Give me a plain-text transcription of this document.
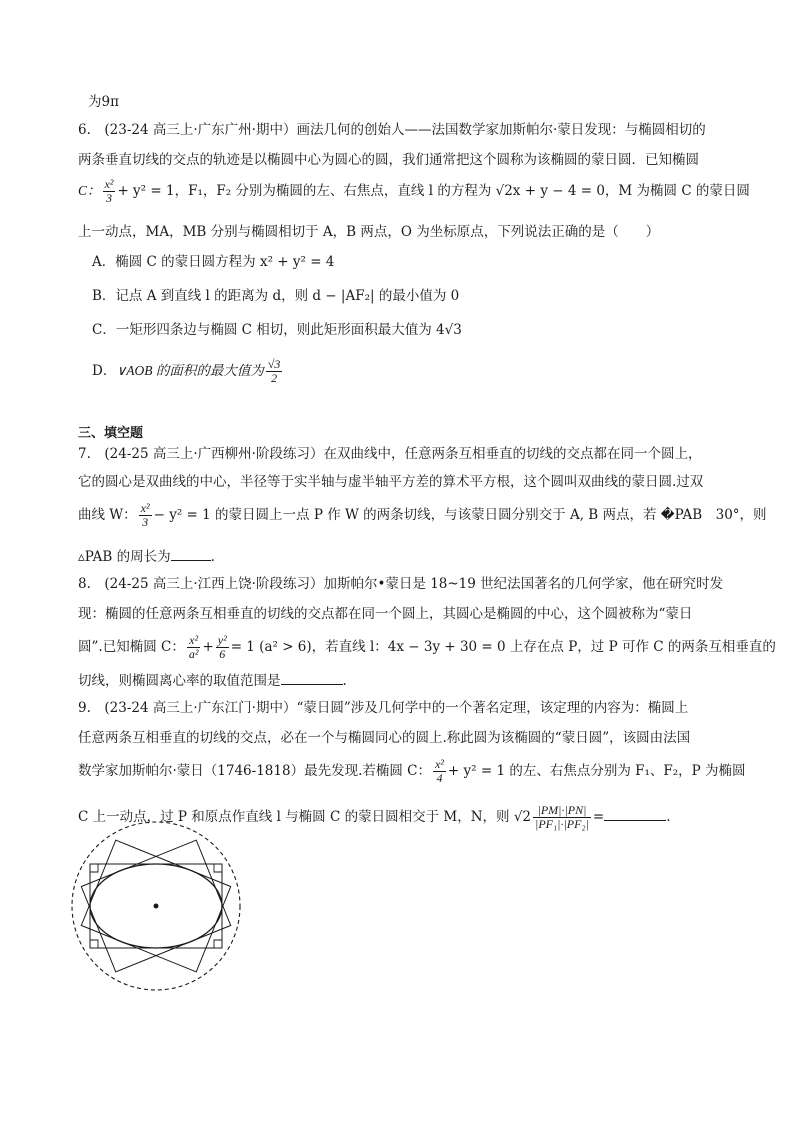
为9π
6.　(23-24 高三上·广东广州·期中）画法几何的创始人——法国数学家加斯帕尔·蒙日发现：与椭圆相切的
两条垂直切线的交点的轨迹是以椭圆中心为圆心的圆，我们通常把这个圆称为该椭圆的蒙日圆．已知椭圆
C： $\frac{\text{x²}}{3} + y^2 = 1$，F₁，F₂ 分别为椭圆的左、右焦点，直线 l 的方程为 √2x + y − 4 = 0，M 为椭圆 C 的蒙日圆
上一动点，MA，MB 分别与椭圆相切于 A，B 两点，O 为坐标原点，下列说法正确的是（　　）
A．椭圆 C 的蒙日圆方程为 x² + y² = 4
B．记点 A 到直线 l 的距离为 d，则 d − |AF₂| 的最小值为 0
C．一矩形四条边与椭圆 C 相切，则此矩形面积最大值为 4√3
D．∨AOB 的面积的最大值为 $\frac{√3}{2}$
三、填空题
7.　(24-25 高三上·广西柳州·阶段练习）在双曲线中，任意两条互相垂直的切线的交点都在同一个圆上，
它的圆心是双曲线的中心，半径等于实半轴与虚半轴平方差的算术平方根，这个圆叫双曲线的蒙日圆.过双
曲线 W： $\frac{\text{x²}}{3} - y^2 = 1$ 的蒙日圆上一点 P 作 W 的两条切线，与该蒙日圆分别交于 A, B 两点，若 �PAB　30°，则
▵PAB 的周长为	.
8.　(24-25 高三上·江西上饶·阶段练习）加斯帕尔•蒙日是 18~19 世纪法国著名的几何学家，他在研究时发
现：椭圆的任意两条互相垂直的切线的交点都在同一个圆上，其圆心是椭圆的中心，这个圆被称为“蒙日
圆”.已知椭圆 C： $\frac{\text{x²}}{\text{a²}} + \frac{\text{y²}}{6} = 1$ (a² > 6)，若直线 l：4x − 3y + 30 = 0 上存在点 P，过 P 可作 C 的两条互相垂直的
切线，则椭圆离心率的取值范围是	.
9.　(23-24 高三上·广东江门·期中）“蒙日圆”涉及几何学中的一个著名定理，该定理的内容为：椭圆上
任意两条互相垂直的切线的交点，必在一个与椭圆同心的圆上.称此圆为该椭圆的“蒙日圆”，该圆由法国
数学家加斯帕尔·蒙日（1746-1818）最先发现.若椭圆 C： $\frac{\text{x²}}{4} + y^2 = 1$ 的左、右焦点分别为 F₁、F₂，P 为椭圆
C 上一动点，过 P 和原点作直线 l 与椭圆 C 的蒙日圆相交于 M，N，则 $√2 \frac{|PM|\cdot|PN|}{\text{|PF₁|·|PF₂|}}$ =	.
